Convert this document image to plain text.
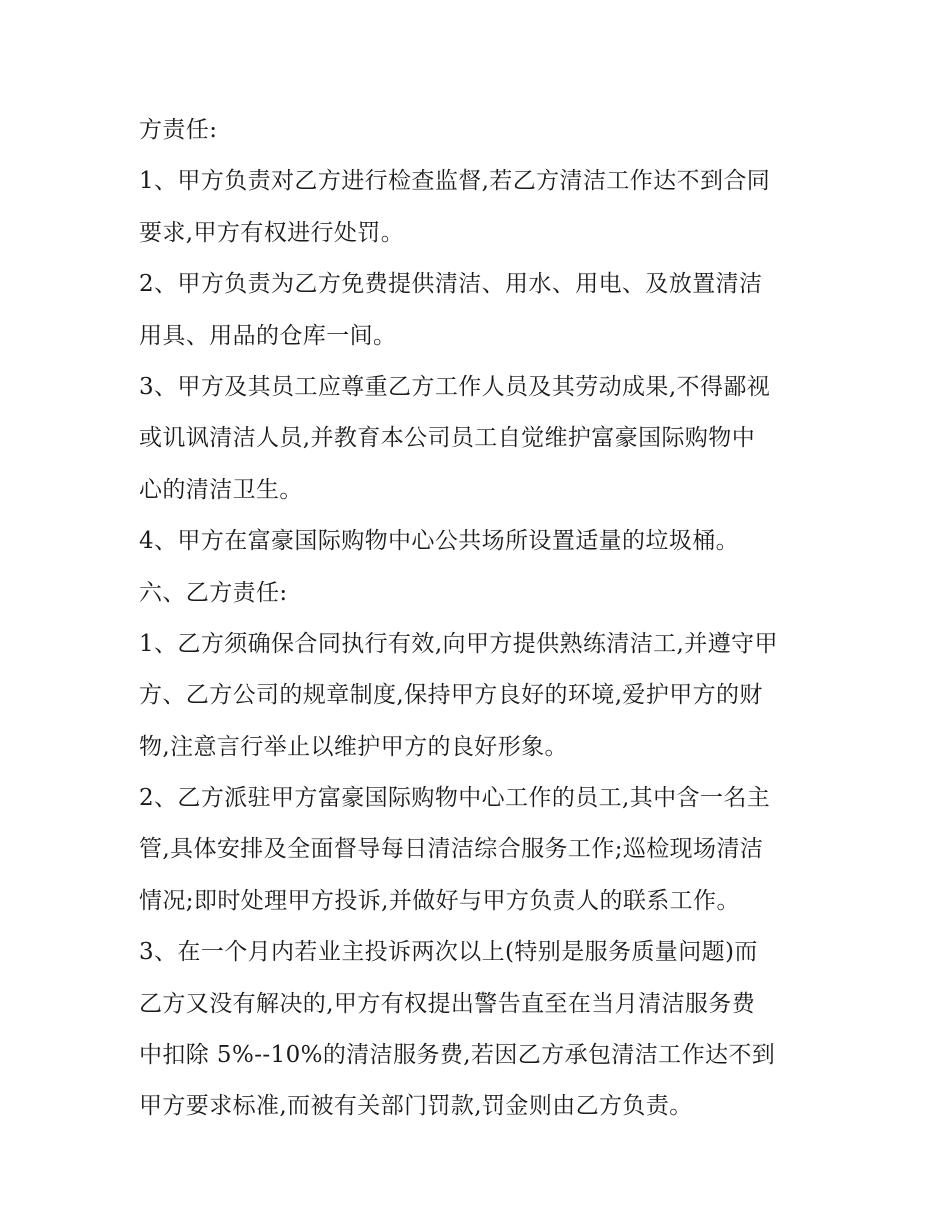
方责任:
1、甲方负责对乙方进行检查监督,若乙方清洁工作达不到合同
要求,甲方有权进行处罚。
2、甲方负责为乙方免费提供清洁、用水、用电、及放置清洁
用具、用品的仓库一间。
3、甲方及其员工应尊重乙方工作人员及其劳动成果,不得鄙视
或讥讽清洁人员,并教育本公司员工自觉维护富豪国际购物中
心的清洁卫生。
4、甲方在富豪国际购物中心公共场所设置适量的垃圾桶。
六、乙方责任:
1、乙方须确保合同执行有效,向甲方提供熟练清洁工,并遵守甲
方、乙方公司的规章制度,保持甲方良好的环境,爱护甲方的财
物,注意言行举止以维护甲方的良好形象。
2、乙方派驻甲方富豪国际购物中心工作的员工,其中含一名主
管,具体安排及全面督导每日清洁综合服务工作;巡检现场清洁
情况;即时处理甲方投诉,并做好与甲方负责人的联系工作。
3、在一个月内若业主投诉两次以上(特别是服务质量问题)而
乙方又没有解决的,甲方有权提出警告直至在当月清洁服务费
中扣除 5%--10%的清洁服务费,若因乙方承包清洁工作达不到
甲方要求标准,而被有关部门罚款,罚金则由乙方负责。
